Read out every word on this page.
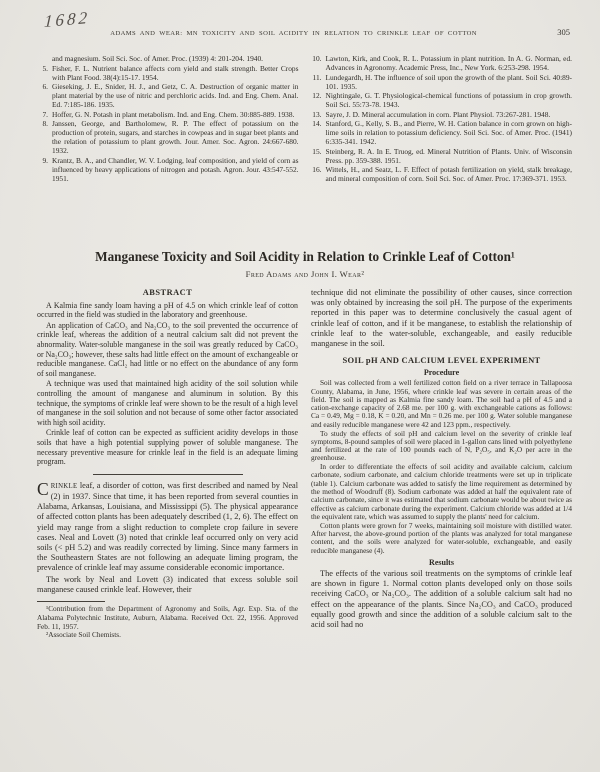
1682
ADAMS AND WEAR: MN TOXICITY AND SOIL ACIDITY IN RELATION TO CRINKLE LEAF OF COTTON	305
and magnesium. Soil Sci. Soc. of Amer. Proc. (1939) 4: 201-204. 1940.
5. Fisher, F. L. Nutrient balance affects corn yield and stalk strength. Better Crops with Plant Food. 38(4):15-17. 1954.
6. Gieseking, J. E., Snider, H. J., and Getz, C. A. Destruction of organic matter in plant material by the use of nitric and perchloric acids. Ind. and Eng. Chem. Anal. Ed. 7:185-186. 1935.
7. Hoffer, G. N. Potash in plant metabolism. Ind. and Eng. Chem. 30:885-889. 1938.
8. Janssen, George, and Bartholomew, R. P. The effect of potassium on the production of protein, sugars, and starches in cowpeas and in sugar beet plants and the relation of potassium to plant growth. Jour. Amer. Soc. Agron. 24:667-680. 1932.
9. Krantz, B. A., and Chandler, W. V. Lodging, leaf composition, and yield of corn as influenced by heavy applications of nitrogen and potash. Agron. Jour. 43:547-552. 1951.
10. Lawton, Kirk, and Cook, R. L. Potassium in plant nutrition. In A. G. Norman, ed. Advances in Agronomy. Academic Press, Inc., New York. 6:253-298. 1954.
11. Lundegardh, H. The influence of soil upon the growth of the plant. Soil Sci. 40:89-101. 1935.
12. Nightingale, G. T. Physiological-chemical functions of potassium in crop growth. Soil Sci. 55:73-78. 1943.
13. Sayre, J. D. Mineral accumulation in corn. Plant Physiol. 73:267-281. 1948.
14. Stanford, G., Kelly, S. B., and Pierre, W. H. Cation balance in corn grown on high-lime soils in relation to potassium deficiency. Soil Sci. Soc. of Amer. Proc. (1941) 6:335-341. 1942.
15. Steinberg, R. A. In E. Truog, ed. Mineral Nutrition of Plants. Univ. of Wisconsin Press. pp. 359-388. 1951.
16. Wittels, H., and Seatz, L. F. Effect of potash fertilization on yield, stalk breakage, and mineral composition of corn. Soil Sci. Soc. of Amer. Proc. 17:369-371. 1953.
Manganese Toxicity and Soil Acidity in Relation to Crinkle Leaf of Cotton¹
Fred Adams and John I. Wear²
ABSTRACT

A Kalmia fine sandy loam having a pH of 4.5 on which crinkle leaf of cotton occurred in the field was studied in the laboratory and greenhouse.

An application of CaCO₃ and Na₂CO₃ to the soil prevented the occurrence of crinkle leaf, whereas the addition of a neutral calcium salt did not prevent the abnormality. Water-soluble manganese in the soil was greatly reduced by CaCO₃ or Na₂CO₃; however, these salts had little effect on the amount of exchangeable or reducible manganese. CaCl₂ had little or no effect on the abundance of any form of soil manganese.

A technique was used that maintained high acidity of the soil solution while controlling the amount of manganese and aluminum in solution. By this technique, the symptoms of crinkle leaf were shown to be the result of a high level of manganese in the soil solution and not because of some other factor associated with high soil acidity.

Crinkle leaf of cotton can be expected as sufficient acidity develops in those soils that have a high potential supplying power of soluble manganese. The necessary preventive measure for crinkle leaf in the field is an adequate liming program.

CRINKLE leaf, a disorder of cotton, was first described and named by Neal (2) in 1937. Since that time, it has been reported from several counties in Alabama, Arkansas, Louisiana, and Mississippi (5). The physical appearance of affected cotton plants has been adequately described (1, 2, 6). The effect on yield may range from a slight reduction to complete crop failure in severe cases. Neal and Lovett (3) noted that crinkle leaf occurred only on very acid soils (< pH 5.2) and was readily corrected by liming. Since many farmers in the Southeastern States are not following an adequate liming program, the prevalence of crinkle leaf may assume considerable economic importance.

The work by Neal and Lovett (3) indicated that excess soluble soil manganese caused crinkle leaf. However, their

¹Contribution from the Department of Agronomy and Soils, Agr. Exp. Sta. of the Alabama Polytechnic Institute, Auburn, Alabama. Received Oct. 22, 1956. Approved Feb. 11, 1957.

²Associate Soil Chemists.

technique did not eliminate the possibility of other causes, since correction was only obtained by increasing the soil pH. The purpose of the experiments reported in this paper was to determine conclusively the casual agent of crinkle leaf of cotton, and if it be manganese, to establish the relationship of crinkle leaf to the water-soluble, exchangeable, and easily reducible manganese in the soil.

SOIL pH AND CALCIUM LEVEL EXPERIMENT
Procedure

Soil was collected from a well fertilized cotton field on a river terrace in Tallapoosa County, Alabama, in June, 1956, where crinkle leaf was severe in certain areas of the field. The soil is mapped as Kalmia fine sandy loam. The soil had a pH of 4.5 and a cation-exchange capacity of 2.68 me. per 100 g. with exchangeable cations as follows: Ca = 0.49, Mg = 0.18, K = 0.20, and Mn = 0.26 me. per 100 g. Water soluble manganese and easily reducible manganese were 42 and 123 ppm., respectively.

To study the effects of soil pH and calcium level on the severity of crinkle leaf symptoms, 8-pound samples of soil were placed in 1-gallon cans lined with polyethylene and fertilized at the rate of 100 pounds each of N, P₂O₅, and K₂O per acre in the greenhouse.

In order to differentiate the effects of soil acidity and available calcium, calcium carbonate, sodium carbonate, and calcium chloride treatments were set up in triplicate (table 1). Calcium carbonate was added to satisfy the lime requirement as determined by the method of Woodruff (8). Sodium carbonate was added at half the equivalent rate of calcium carbonate, since it was estimated that sodium carbonate would be about twice as effective as calcium carbonate during the experiment. Calcium chloride was added at 1/4 the equivalent rate, which was assumed to supply the plants' need for calcium.

Cotton plants were grown for 7 weeks, maintaining soil moisture with distilled water. After harvest, the above-ground portion of the plants was analyzed for total manganese content, and the soils were analyzed for water-soluble, exchangeable, and easily reducible manganese (4).

Results

The effects of the various soil treatments on the symptoms of crinkle leaf are shown in figure 1. Normal cotton plants developed only on those soils receiving CaCO₃ or Na₂CO₃. The addition of a soluble calcium salt had no effect on the appearance of the plants. Since Na₂CO₃ and CaCO₃ produced equally good growth and since the addition of a soluble calcium salt to the acid soil had no
